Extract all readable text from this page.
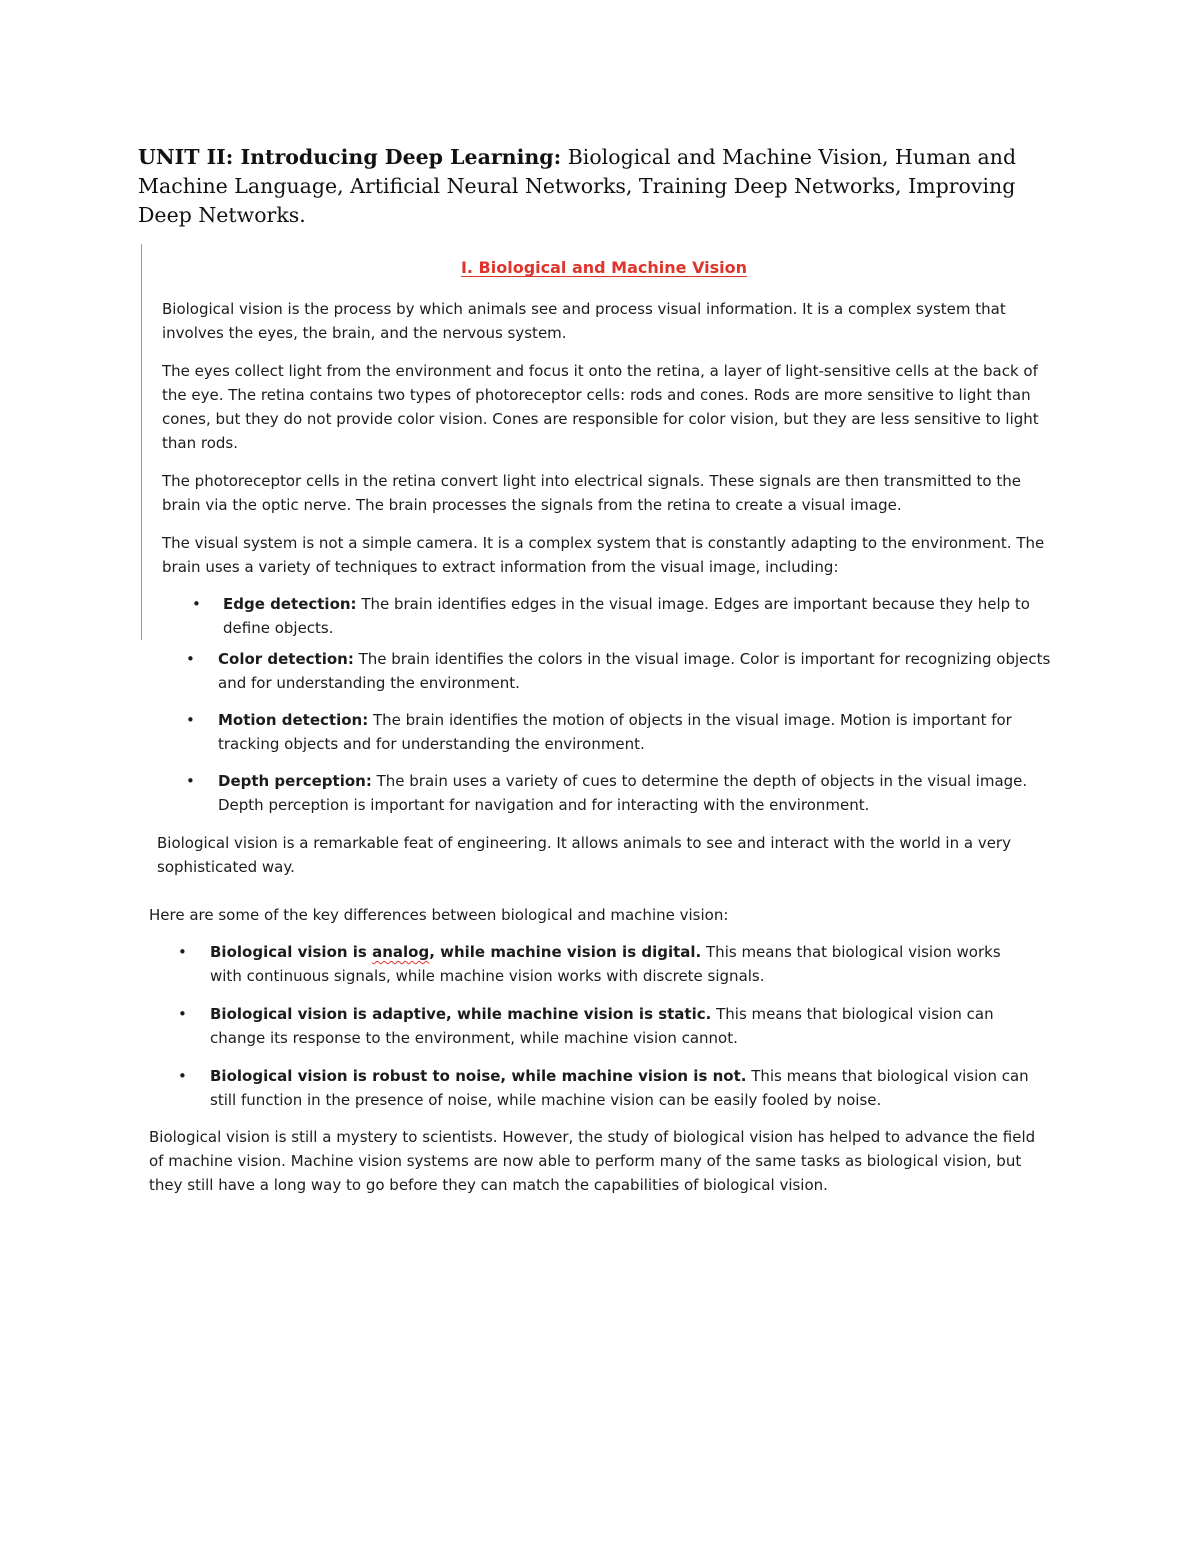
UNIT II: Introducing Deep Learning: Biological and Machine Vision, Human and Machine Language, Artificial Neural Networks, Training Deep Networks, Improving Deep Networks.
I. Biological and Machine Vision

Biological vision is the process by which animals see and process visual information. It is a complex system that involves the eyes, the brain, and the nervous system.

The eyes collect light from the environment and focus it onto the retina, a layer of light-sensitive cells at the back of the eye. The retina contains two types of photoreceptor cells: rods and cones. Rods are more sensitive to light than cones, but they do not provide color vision. Cones are responsible for color vision, but they are less sensitive to light than rods.

The photoreceptor cells in the retina convert light into electrical signals. These signals are then transmitted to the brain via the optic nerve. The brain processes the signals from the retina to create a visual image.

The visual system is not a simple camera. It is a complex system that is constantly adapting to the environment. The brain uses a variety of techniques to extract information from the visual image, including:

• Edge detection: The brain identifies edges in the visual image. Edges are important because they help to define objects.

• Color detection: The brain identifies the colors in the visual image. Color is important for recognizing objects and for understanding the environment.

• Motion detection: The brain identifies the motion of objects in the visual image. Motion is important for tracking objects and for understanding the environment.

• Depth perception: The brain uses a variety of cues to determine the depth of objects in the visual image. Depth perception is important for navigation and for interacting with the environment.

Biological vision is a remarkable feat of engineering. It allows animals to see and interact with the world in a very sophisticated way.

Here are some of the key differences between biological and machine vision:

• Biological vision is analog, while machine vision is digital. This means that biological vision works with continuous signals, while machine vision works with discrete signals.

• Biological vision is adaptive, while machine vision is static. This means that biological vision can change its response to the environment, while machine vision cannot.

• Biological vision is robust to noise, while machine vision is not. This means that biological vision can still function in the presence of noise, while machine vision can be easily fooled by noise.

Biological vision is still a mystery to scientists. However, the study of biological vision has helped to advance the field of machine vision. Machine vision systems are now able to perform many of the same tasks as biological vision, but they still have a long way to go before they can match the capabilities of biological vision.
